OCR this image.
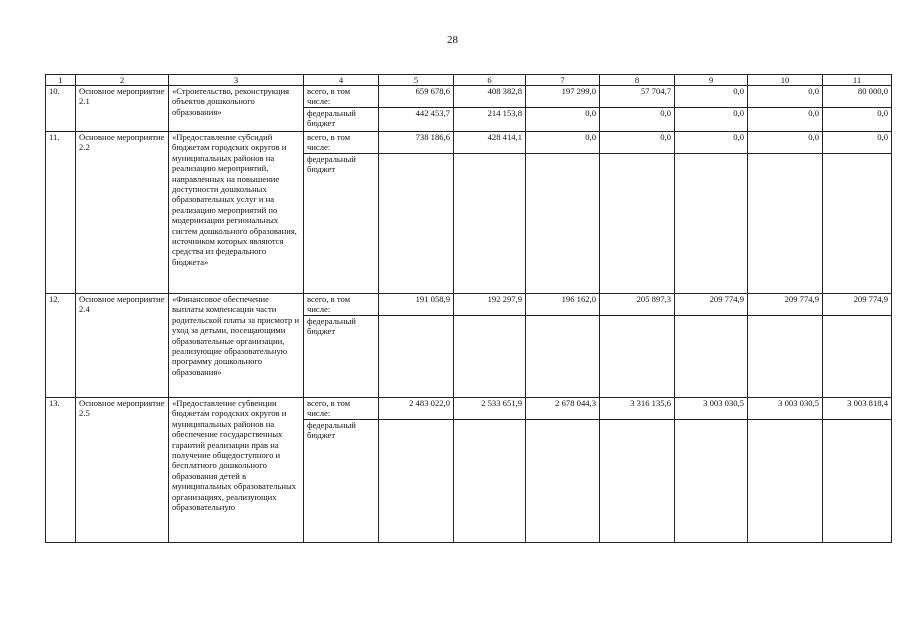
28
1	2	3	4	5	6	7	8	9	10	11
10.	Основное мероприятие 2.1	«Строительство, реконструкция объектов дошкольного образования»	всего, в том числе:	659 678,6	408 382,8	197 299,0	57 704,7	0,0	0,0	80 000,0
			федеральный бюджет	442 453,7	214 153,8	0,0	0,0	0,0	0,0	0,0
11.	Основное мероприятие 2.2	«Предоставление субсидий бюджетам городских округов и муниципальных районов на реализацию мероприятий, направленных на повышение доступности дошкольных образовательных услуг и на реализацию мероприятий по модернизации региональных систем дошкольного образования, источником которых являются средства из федерального бюджета»	всего, в том числе:	738 186,6	428 414,1	0,0	0,0	0,0	0,0	0,0
			федеральный бюджет							
12.	Основное мероприятие 2.4	«Финансовое обеспечение выплаты компенсации части родительской платы за присмотр и уход за детьми, посещающими образовательные организации, реализующие образовательную программу дошкольного образования»	всего, в том числе:	191 058,9	192 297,9	196 162,0	205 897,3	209 774,9	209 774,9	209 774,9
			федеральный бюджет							
13.	Основное мероприятие 2.5	«Предоставление субвенции бюджетам городских округов и муниципальных районов на обеспечение государственных гарантий реализации прав на получение общедоступного и бесплатного дошкольного образования детей в муниципальных образовательных организациях, реализующих образовательную	всего, в том числе:	2 483 022,0	2 533 651,9	2 678 044,3	3 316 135,6	3 003 030,5	3 003 030,5	3 003 818,4
			федеральный бюджет							
